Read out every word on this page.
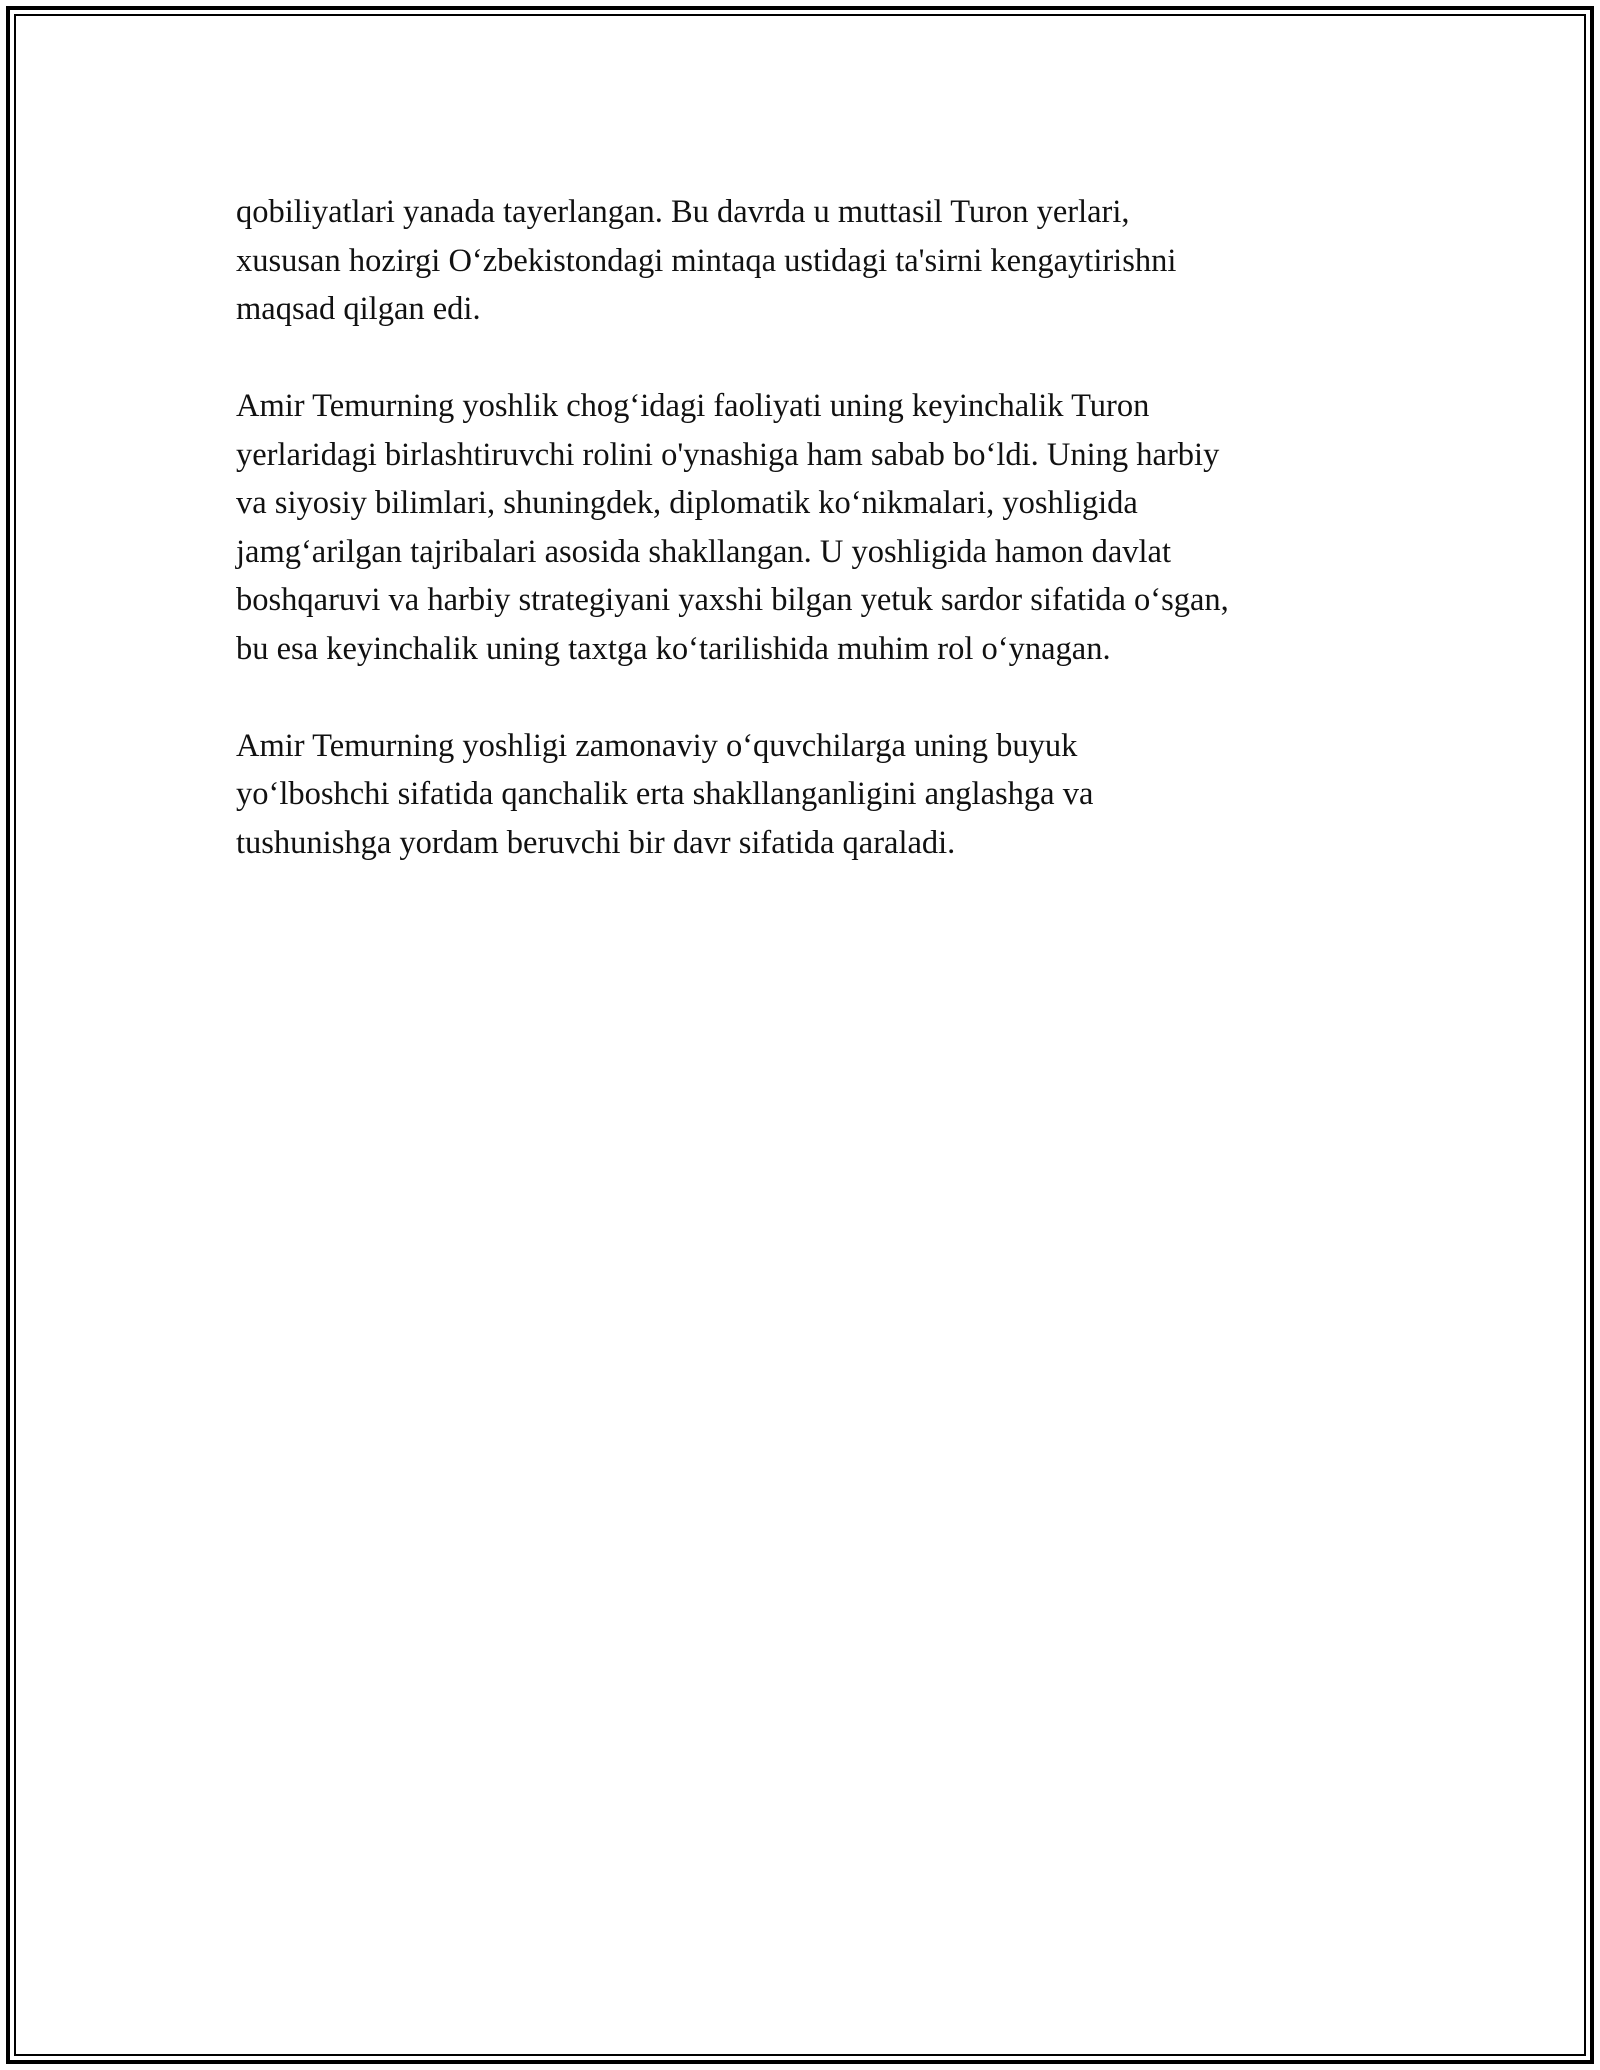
qobiliyatlari yanada tayerlangan. Bu davrda u muttasil Turon yerlari,
xususan hozirgi O‘zbekistondagi mintaqa ustidagi ta'sirni kengaytirishni
maqsad qilgan edi.

Amir Temurning yoshlik chog‘idagi faoliyati uning keyinchalik Turon
yerlaridagi birlashtiruvchi rolini o'ynashiga ham sabab bo‘ldi. Uning harbiy
va siyosiy bilimlari, shuningdek, diplomatik ko‘nikmalari, yoshligida
jamg‘arilgan tajribalari asosida shakllangan. U yoshligida hamon davlat
boshqaruvi va harbiy strategiyani yaxshi bilgan yetuk sardor sifatida o‘sgan,
bu esa keyinchalik uning taxtga ko‘tarilishida muhim rol o‘ynagan.

Amir Temurning yoshligi zamonaviy o‘quvchilarga uning buyuk
yo‘lboshchi sifatida qanchalik erta shakllanganligini anglashga va
tushunishga yordam beruvchi bir davr sifatida qaraladi.
